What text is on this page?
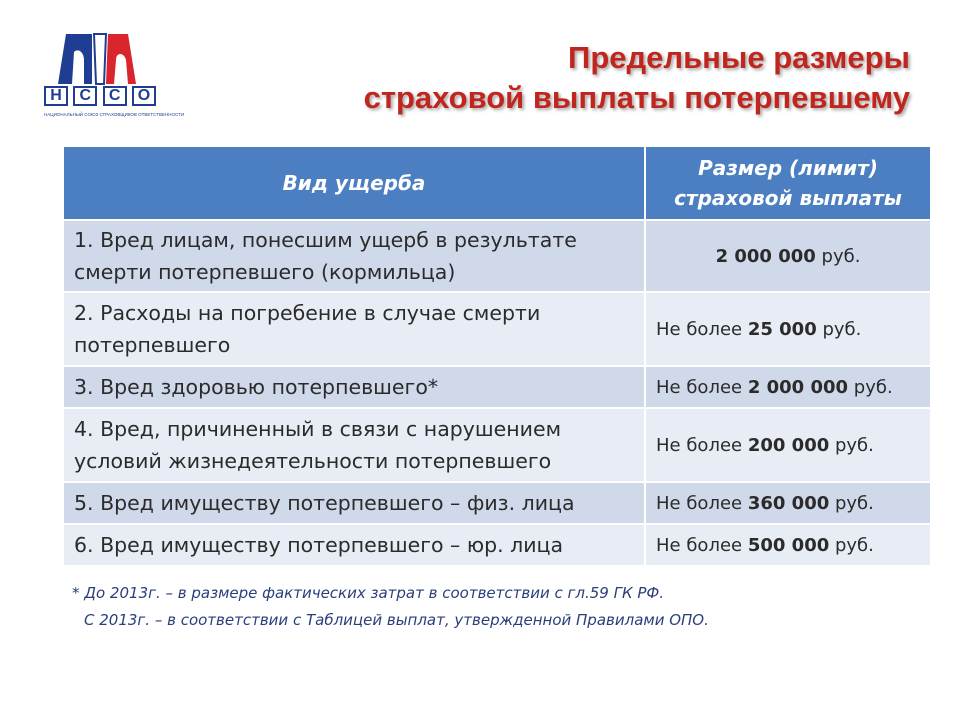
Н	С	С	О
НАЦИОНАЛЬНЫЙ СОЮЗ СТРАХОВЩИКОВ ОТВЕТСТВЕННОСТИ
Предельные размеры
страховой выплаты потерпевшему
Вид ущерба	Размер (лимит)
страховой выплаты

1. Вред лицам, понесшим ущерб в результате
смерти потерпевшего (кормильца)	2 000 000 руб.

2. Расходы на погребение в случае смерти
потерпевшего	Не более 25 000 руб.

3. Вред здоровью потерпевшего*	Не более 2 000 000 руб.

4. Вред, причиненный в связи с нарушением
условий жизнедеятельности потерпевшего	Не более 200 000 руб.

5. Вред имуществу потерпевшего – физ. лица	Не более 360 000 руб.

6. Вред имуществу потерпевшего – юр. лица	Не более 500 000 руб.
* До 2013г. – в размере фактических затрат в соответствии с гл.59 ГК РФ.
С 2013г. – в соответствии с Таблицей выплат, утвержденной Правилами ОПО.
